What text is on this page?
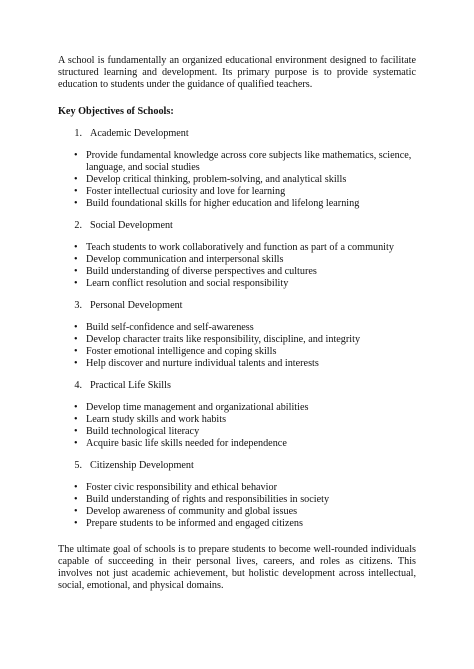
A school is fundamentally an organized educational environment designed to facilitate structured learning and development. Its primary purpose is to provide systematic education to students under the guidance of qualified teachers.

Key Objectives of Schools:

1. Academic Development
• Provide fundamental knowledge across core subjects like mathematics, science, language, and social studies
• Develop critical thinking, problem-solving, and analytical skills
• Foster intellectual curiosity and love for learning
• Build foundational skills for higher education and lifelong learning
2. Social Development
• Teach students to work collaboratively and function as part of a community
• Develop communication and interpersonal skills
• Build understanding of diverse perspectives and cultures
• Learn conflict resolution and social responsibility
3. Personal Development
• Build self-confidence and self-awareness
• Develop character traits like responsibility, discipline, and integrity
• Foster emotional intelligence and coping skills
• Help discover and nurture individual talents and interests
4. Practical Life Skills
• Develop time management and organizational abilities
• Learn study skills and work habits
• Build technological literacy
• Acquire basic life skills needed for independence
5. Citizenship Development
• Foster civic responsibility and ethical behavior
• Build understanding of rights and responsibilities in society
• Develop awareness of community and global issues
• Prepare students to be informed and engaged citizens

The ultimate goal of schools is to prepare students to become well-rounded individuals capable of succeeding in their personal lives, careers, and roles as citizens. This involves not just academic achievement, but holistic development across intellectual, social, emotional, and physical domains.
